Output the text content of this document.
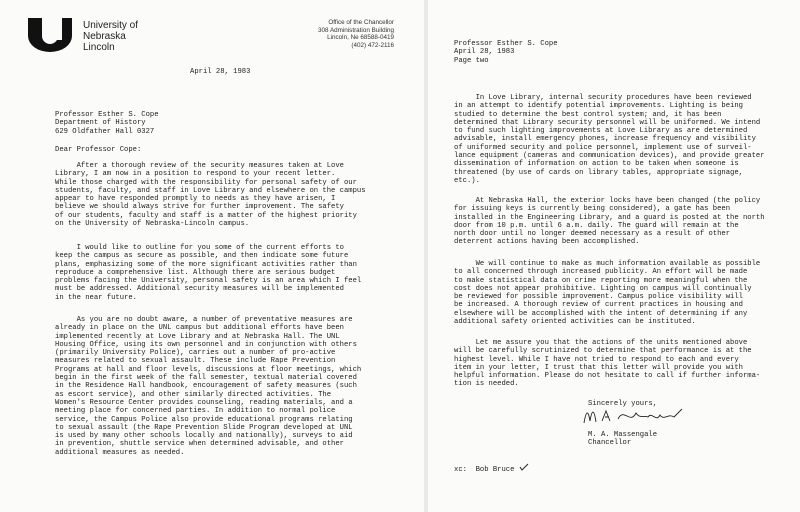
University of
Nebraska
Lincoln
Office of the Chancellor
308 Administration Building
Lincoln, Ne 68588-0419
(402) 472-2116
April 28, 1983
Professor Esther S. Cope
Department of History
629 Oldfather Hall 0327
Dear Professor Cope:
After a thorough review of the security measures taken at Love
Library, I am now in a position to respond to your recent letter.
While those charged with the responsibility for personal safety of our
students, faculty, and staff in Love Library and elsewhere on the campus
appear to have responded promptly to needs as they have arisen, I
believe we should always strive for further improvement. The safety
of our students, faculty and staff is a matter of the highest priority
on the University of Nebraska-Lincoln campus.
I would like to outline for you some of the current efforts to
keep the campus as secure as possible, and then indicate some future
plans, emphasizing some of the more significant activities rather than
reproduce a comprehensive list. Although there are serious budget
problems facing the University, personal safety is an area which I feel
must be addressed. Additional security measures will be implemented
in the near future.
As you are no doubt aware, a number of preventative measures are
already in place on the UNL campus but additional efforts have been
implemented recently at Love Library and at Nebraska Hall. The UNL
Housing Office, using its own personnel and in conjunction with others
(primarily University Police), carries out a number of pro-active
measures related to sexual assault. These include Rape Prevention
Programs at hall and floor levels, discussions at floor meetings, which
begin in the first week of the fall semester, textual material covered
in the Residence Hall handbook, encouragement of safety measures (such
as escort service), and other similarly directed activities. The
Women's Resource Center provides counseling, reading materials, and a
meeting place for concerned parties. In addition to normal police
service, the Campus Police also provide educational programs relating
to sexual assault (the Rape Prevention Slide Program developed at UNL
is used by many other schools locally and nationally), surveys to aid
in prevention, shuttle service when determined advisable, and other
additional measures as needed.
Professor Esther S. Cope
April 28, 1983
Page two
In Love Library, internal security procedures have been reviewed
in an attempt to identify potential improvements. Lighting is being
studied to determine the best control system; and, it has been
determined that Library security personnel will be uniformed. We intend
to fund such lighting improvements at Love Library as are determined
advisable, install emergency phones, increase frequency and visibility
of uniformed security and police personnel, implement use of surveil-
lance equipment (cameras and communication devices), and provide greater
dissemination of information on action to be taken when someone is
threatened (by use of cards on library tables, appropriate signage,
etc.).
At Nebraska Hall, the exterior locks have been changed (the policy
for issuing keys is currently being considered), a gate has been
installed in the Engineering Library, and a guard is posted at the north
door from 10 p.m. until 6 a.m. daily. The guard will remain at the
north door until no longer deemed necessary as a result of other
deterrent actions having been accomplished.
We will continue to make as much information available as possible
to all concerned through increased publicity. An effort will be made
to make statistical data on crime reporting more meaningful when the
cost does not appear prohibitive. Lighting on campus will continually
be reviewed for possible improvement. Campus police visibility will
be increased. A thorough review of current practices in housing and
elsewhere will be accomplished with the intent of determining if any
additional safety oriented activities can be instituted.
Let me assure you that the actions of the units mentioned above
will be carefully scrutinized to determine that performance is at the
highest level. While I have not tried to respond to each and every
item in your letter, I trust that this letter will provide you with
helpful information. Please do not hesitate to call if further informa-
tion is needed.
Sincerely yours,
M. A. Massengale
Chancellor
xc:  Bob Bruce
